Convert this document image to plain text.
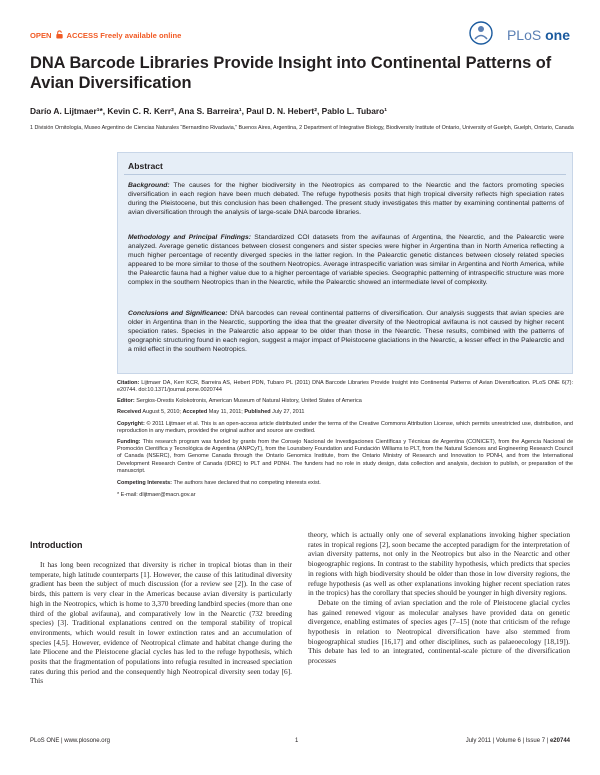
OPEN ACCESS Freely available online	PLoS one
DNA Barcode Libraries Provide Insight into Continental Patterns of Avian Diversification
Darío A. Lijtmaer¹*, Kevin C. R. Kerr², Ana S. Barreira¹, Paul D. N. Hebert², Pablo L. Tubaro¹
1 División Ornitología, Museo Argentino de Ciencias Naturales “Bernardino Rivadavia,” Buenos Aires, Argentina, 2 Department of Integrative Biology, Biodiversity Institute of Ontario, University of Guelph, Guelph, Ontario, Canada
Abstract

Background: The causes for the higher biodiversity in the Neotropics as compared to the Nearctic and the factors promoting species diversification in each region have been much debated. The refuge hypothesis posits that high tropical diversity reflects high speciation rates during the Pleistocene, but this conclusion has been challenged. The present study investigates this matter by examining continental patterns of avian diversification through the analysis of large-scale DNA barcode libraries.

Methodology and Principal Findings: Standardized COI datasets from the avifaunas of Argentina, the Nearctic, and the Palearctic were analyzed. Average genetic distances between closest congeners and sister species were higher in Argentina than in North America reflecting a much higher percentage of recently diverged species in the latter region. In the Palearctic genetic distances between closely related species appeared to be more similar to those of the southern Neotropics. Average intraspecific variation was similar in Argentina and North America, while the Palearctic fauna had a higher value due to a higher percentage of variable species. Geographic patterning of intraspecific structure was more complex in the southern Neotropics than in the Nearctic, while the Palearctic showed an intermediate level of complexity.

Conclusions and Significance: DNA barcodes can reveal continental patterns of diversification. Our analysis suggests that avian species are older in Argentina than in the Nearctic, supporting the idea that the greater diversity of the Neotropical avifauna is not caused by higher recent speciation rates. Species in the Palearctic also appear to be older than those in the Nearctic. These results, combined with the patterns of geographic structuring found in each region, suggest a major impact of Pleistocene glaciations in the Nearctic, a lesser effect in the Palearctic and a mild effect in the southern Neotropics.

Citation: Lijtmaer DA, Kerr KCR, Barreira AS, Hebert PDN, Tubaro PL (2011) DNA Barcode Libraries Provide Insight into Continental Patterns of Avian Diversification. PLoS ONE 6(7): e20744. doi:10.1371/journal.pone.0020744
Editor: Sergios-Orestis Kolokotronis, American Museum of Natural History, United States of America
Received August 5, 2010; Accepted May 11, 2011; Published July 27, 2011
Copyright: © 2011 Lijtmaer et al. This is an open-access article distributed under the terms of the Creative Commons Attribution License, which permits unrestricted use, distribution, and reproduction in any medium, provided the original author and source are credited.
Funding: This research program was funded by grants from the Consejo Nacional de Investigaciones Científicas y Técnicas de Argentina (CONICET), from the Agencia Nacional de Promoción Científica y Tecnológica de Argentina (ANPCyT), from the Lounsbery Foundation and Fundación Williams to PLT, from the Natural Sciences and Engineering Research Council of Canada (NSERC), from Genome Canada through the Ontario Genomics Institute, from the Ontario Ministry of Research and Innovation to PDNH, and from the International Development Research Centre of Canada (IDRC) to PLT and PDNH. The funders had no role in study design, data collection and analysis, decision to publish, or preparation of the manuscript.
Competing Interests: The authors have declared that no competing interests exist.
* E-mail: dlijtmaer@macn.gov.ar
Introduction

It has long been recognized that diversity is richer in tropical biotas than in their temperate, high latitude counterparts [1]. However, the cause of this latitudinal diversity gradient has been the subject of much discussion (for a review see [2]). In the case of birds, this pattern is very clear in the Americas because avian diversity is particularly high in the Neotropics, which is home to 3,370 breeding landbird species (more than one third of the global avifauna), and comparatively low in the Nearctic (732 breeding species) [3]. Traditional explanations centred on the temporal stability of tropical environments, which would result in lower extinction rates and an accumulation of species [4,5]. However, evidence of Neotropical climate and habitat change during the late Pliocene and the Pleistocene glacial cycles has led to the refuge hypothesis, which posits that the fragmentation of populations into refugia resulted in increased speciation rates during this period and the consequently high Neotropical diversity seen today [6]. This

theory, which is actually only one of several explanations invoking higher speciation rates in tropical regions [2], soon became the accepted paradigm for the interpretation of avian diversity patterns, not only in the Neotropics but also in the Nearctic and other biogeographic regions. In contrast to the stability hypothesis, which predicts that species in regions with high biodiversity should be older than those in low diversity regions, the refuge hypothesis (as well as other explanations invoking higher recent speciation rates in the tropics) has the corollary that species should be younger in high diversity regions.

Debate on the timing of avian speciation and the role of Pleistocene glacial cycles has gained renewed vigour as molecular analyses have provided data on genetic divergence, enabling estimates of species ages [7–15] (note that criticism of the refuge hypothesis in relation to Neotropical diversification have also stemmed from biogeographical studies [16,17] and other disciplines, such as palaeoecology [18,19]). This debate has led to an integrated, continental-scale picture of the diversification processes

PLoS ONE | www.plosone.org	1	July 2011 | Volume 6 | Issue 7 | e20744
